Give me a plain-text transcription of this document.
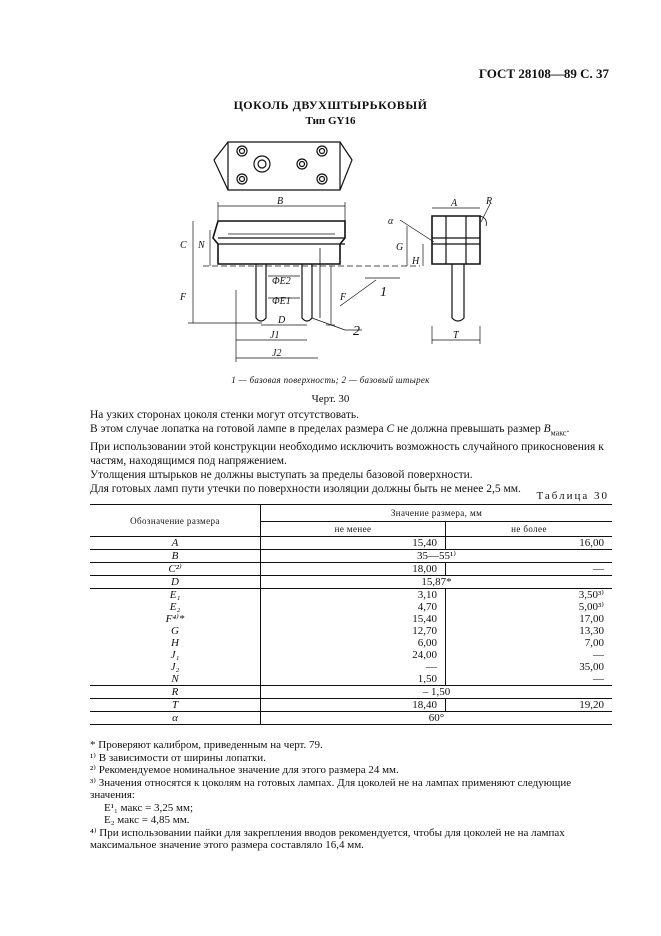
ГОСТ 28108—89 С. 37
ЦОКОЛЬ ДВУХШТЫРЬКОВЫЙ
Тип GY16
B
C N
F
ΦE2
ΦE1	F
D
J1
J2
1
2
A	R
G
H
α
T
1 — базовая поверхность; 2 — базовый штырек
Черт. 30

На узких сторонах цоколя стенки могут отсутствовать.

В этом случае лопатка на готовой лампе в пределах размера C не должна превышать размер $B_{макс}$.

При использовании этой конструкции необходимо исключить возможность случайного прикосновения к частям, находящимся под напряжением.

Утолщения штырьков не должны выступать за пределы базовой поверхности.

Для готовых ламп пути утечки по поверхности изоляции должны быть не менее 2,5 мм.

Таблица 30
Обозначение размера	Значение размера, мм	
	не менее	не более
A	15,40	16,00
B	35—55¹⁾	
C²⁾	18,00	—
D	15,87*	
E₁	3,10	3,50³⁾
E₂	4,70	5,00³⁾
F⁴⁾*	15,40	17,00
G	12,70	13,30
H	6,00	7,00
J₁	24,00	—
J₂	—	35,00
N	1,50	—
R	– 1,50	
T	18,40	19,20
α	60°	

* Проверяют калибром, приведенным на черт. 79.

¹⁾ В зависимости от ширины лопатки.

²⁾ Рекомендуемое номинальное значение для этого размера 24 мм.

³⁾ Значения относятся к цоколям на готовых лампах. Для цоколей не на лампах применяют следующие значения:

E¹₁ макс = 3,25 мм;

E₂ макс = 4,85 мм.

⁴⁾ При использовании пайки для закрепления вводов рекомендуется, чтобы для цоколей не на лампах максимальное значение этого размера составляло 16,4 мм.
